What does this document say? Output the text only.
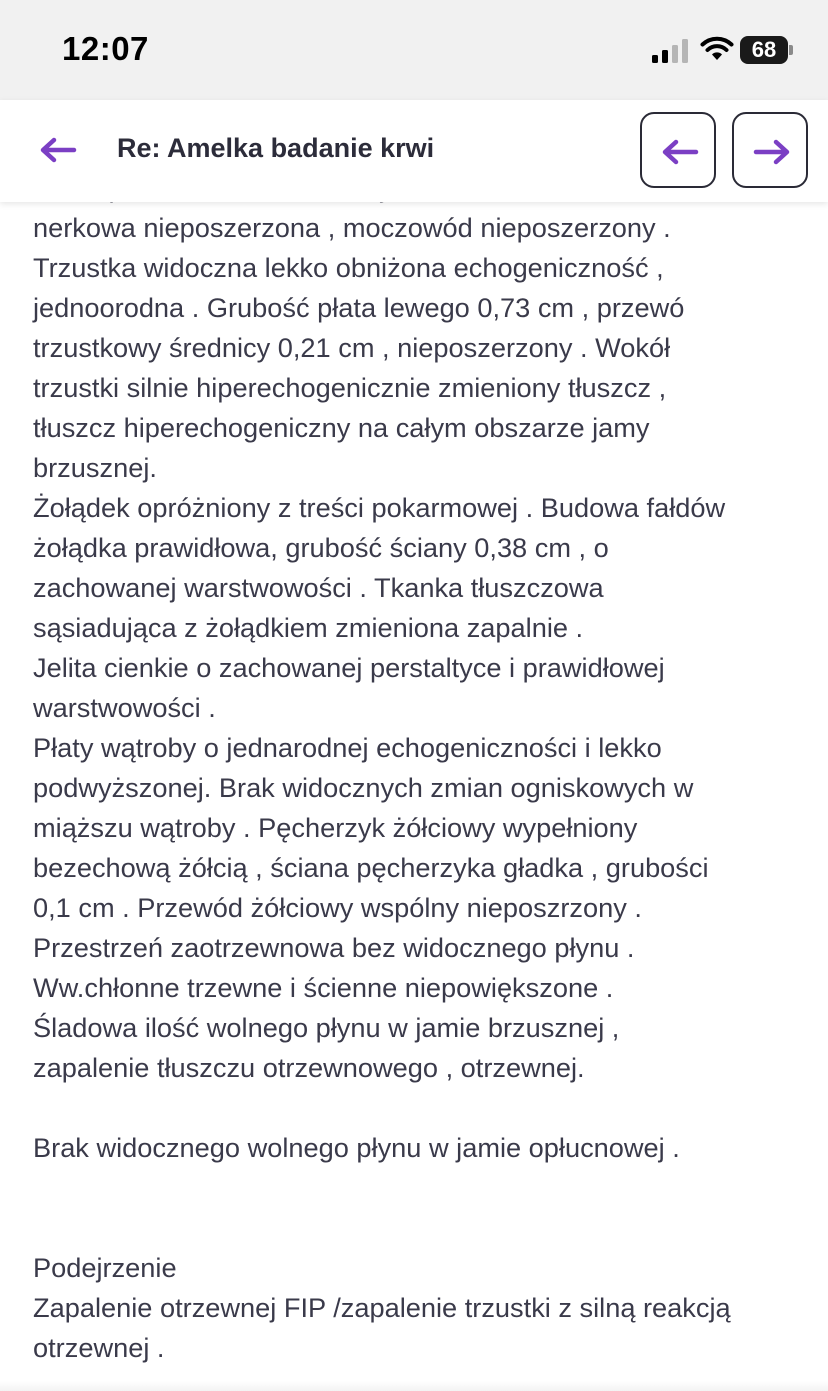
12:07	68
Re: Amelka badanie krwi
nerkowa nieposzerzona , moczowód nieposzerzony .
Trzustka widoczna lekko obniżona echogeniczność ,
jednoorodna . Grubość płata lewego 0,73 cm , przewó
trzustkowy średnicy 0,21 cm , nieposzerzony . Wokół
trzustki silnie hiperechogenicznie zmieniony tłuszcz ,
tłuszcz hiperechogeniczny na całym obszarze jamy
brzusznej.
Żołądek opróżniony z treści pokarmowej . Budowa fałdów
żołądka prawidłowa, grubość ściany 0,38 cm , o
zachowanej warstwowości . Tkanka tłuszczowa
sąsiadująca z żołądkiem zmieniona zapalnie .
Jelita cienkie o zachowanej perstaltyce i prawidłowej
warstwowości .
Płaty wątroby o jednarodnej echogeniczności i lekko
podwyższonej. Brak widocznych zmian ogniskowych w
miąższu wątroby . Pęcherzyk żółciowy wypełniony
bezechową żółcią , ściana pęcherzyka gładka , grubości
0,1 cm . Przewód żółciowy wspólny nieposzrzony .
Przestrzeń zaotrzewnowa bez widocznego płynu .
Ww.chłonne trzewne i ścienne niepowiększone .
Śladowa ilość wolnego płynu w jamie brzusznej ,
zapalenie tłuszczu otrzewnowego , otrzewnej.
Brak widocznego wolnego płynu w jamie opłucnowej .
Podejrzenie
Zapalenie otrzewnej FIP /zapalenie trzustki z silną reakcją
otrzewnej .
